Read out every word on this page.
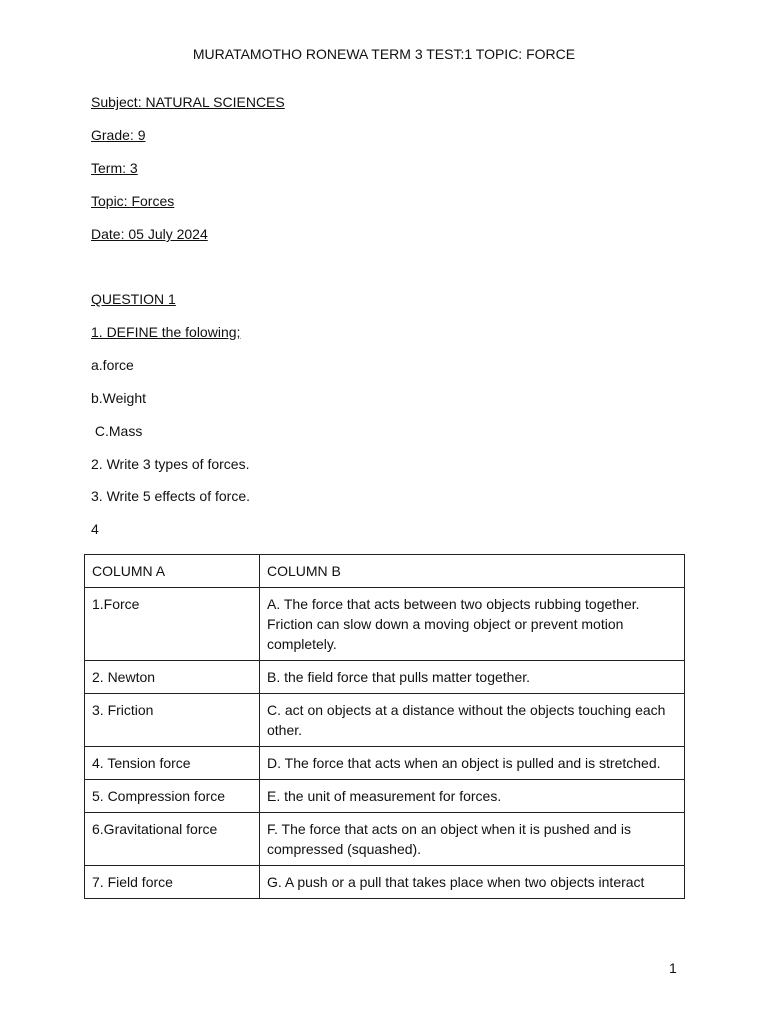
MURATAMOTHO RONEWA TERM 3 TEST:1 TOPIC: FORCE
Subject: NATURAL SCIENCES
Grade: 9
Term: 3
Topic: Forces
Date: 05 July 2024
QUESTION 1
1. DEFINE the folowing;
a.force
b.Weight
C.Mass
2. Write 3 types of forces.
3. Write 5 effects of force.
4
COLUMN A	COLUMN B
1.Force	A. The force that acts between two objects rubbing together. Friction can slow down a moving object or prevent motion completely.
2. Newton	B. the field force that pulls matter together.
3. Friction	C. act on objects at a distance without the objects touching each other.
4. Tension force	D. The force that acts when an object is pulled and is stretched.
5. Compression force	E. the unit of measurement for forces.
6.Gravitational force	F. The force that acts on an object when it is pushed and is compressed (squashed).
7. Field force	G. A push or a pull that takes place when two objects interact
1
